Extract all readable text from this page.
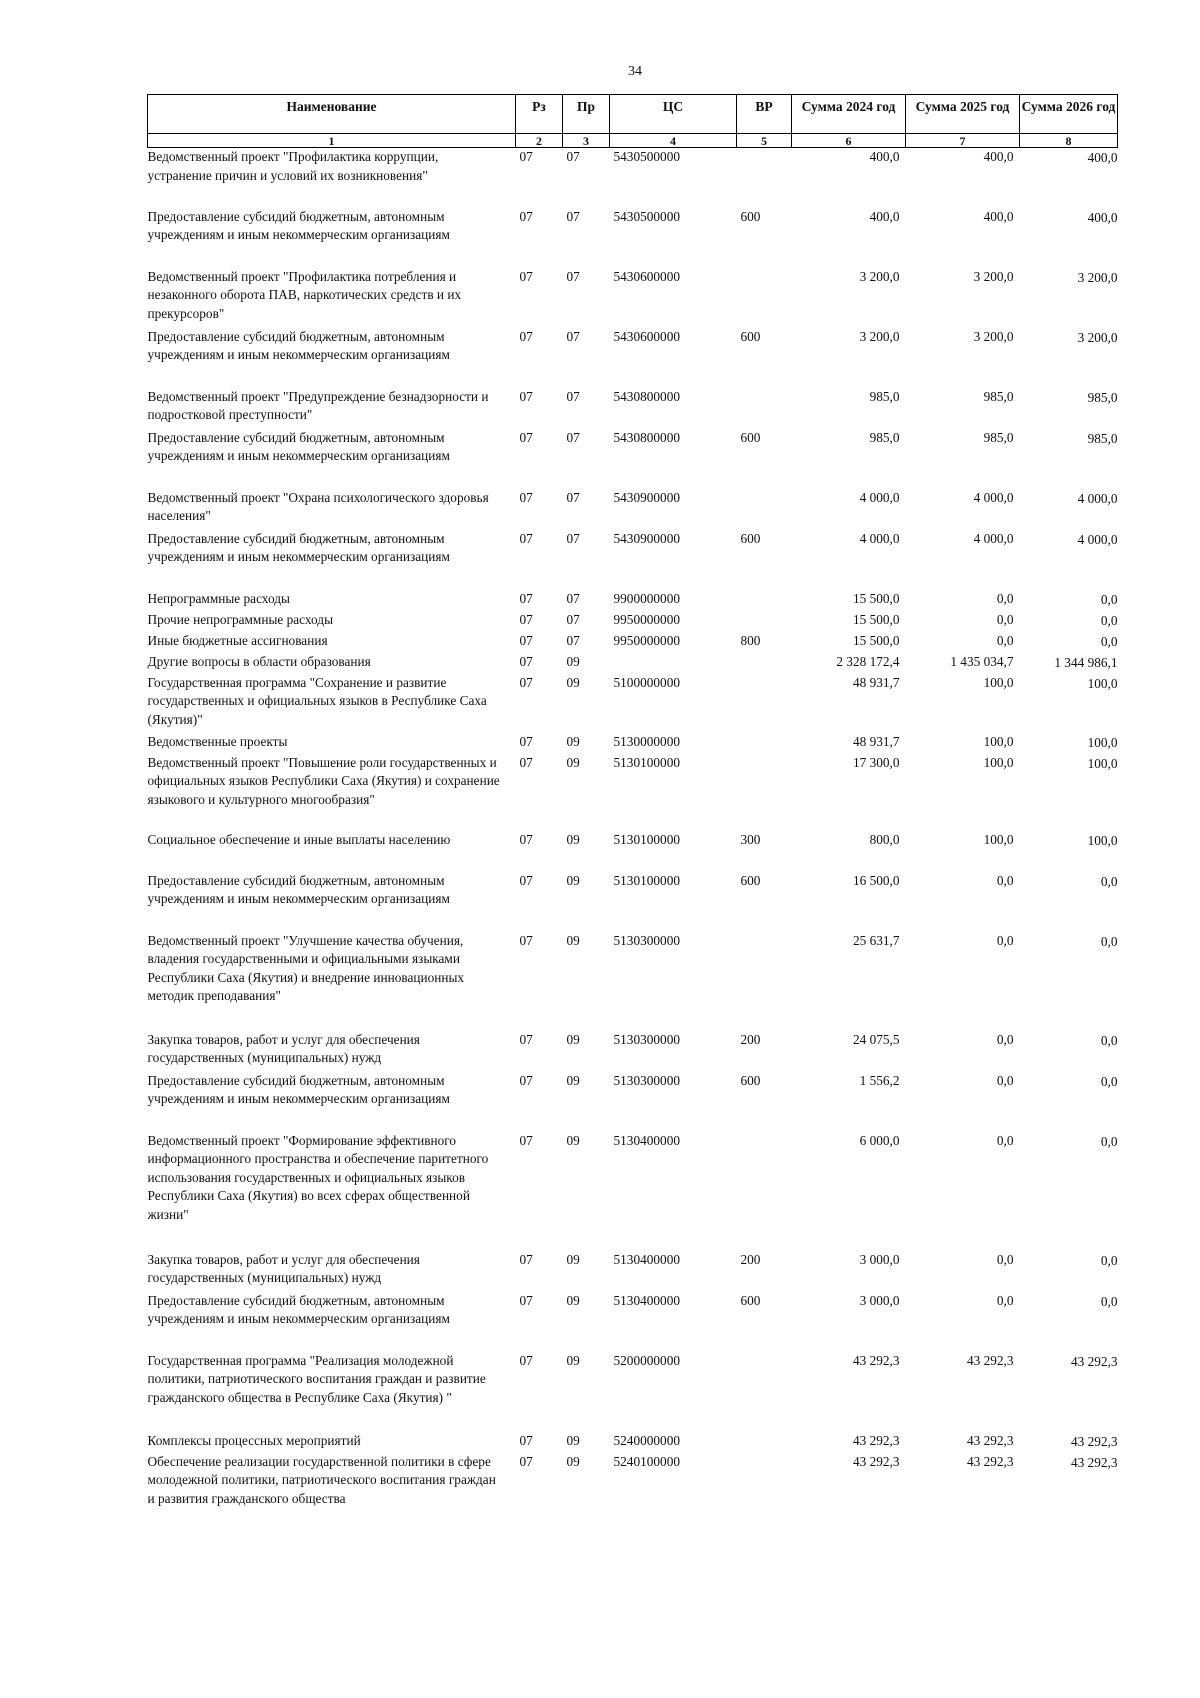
34
Наименование	Рз	Пр	ЦС	ВР	Сумма 2024 год	Сумма 2025 год	Сумма 2026 год
1	2	3	4	5	6	7	8
Ведомственный проект "Профилактика коррупции, устранение причин и условий их возникновения"	07	07	5430500000		400,0	400,0	400,0
Предоставление субсидий бюджетным, автономным учреждениям и иным некоммерческим организациям	07	07	5430500000	600	400,0	400,0	400,0
Ведомственный проект "Профилактика потребления и незаконного оборота ПАВ, наркотических средств и их прекурсоров"	07	07	5430600000		3 200,0	3 200,0	3 200,0
Предоставление субсидий бюджетным, автономным учреждениям и иным некоммерческим организациям	07	07	5430600000	600	3 200,0	3 200,0	3 200,0
Ведомственный проект "Предупреждение безнадзорности и подростковой преступности"	07	07	5430800000		985,0	985,0	985,0
Предоставление субсидий бюджетным, автономным учреждениям и иным некоммерческим организациям	07	07	5430800000	600	985,0	985,0	985,0
Ведомственный проект "Охрана психологического здоровья населения"	07	07	5430900000		4 000,0	4 000,0	4 000,0
Предоставление субсидий бюджетным, автономным учреждениям и иным некоммерческим организациям	07	07	5430900000	600	4 000,0	4 000,0	4 000,0
Непрограммные расходы	07	07	9900000000		15 500,0	0,0	0,0
Прочие непрограммные расходы	07	07	9950000000		15 500,0	0,0	0,0
Иные бюджетные ассигнования	07	07	9950000000	800	15 500,0	0,0	0,0
Другие вопросы в области образования	07	09			2 328 172,4	1 435 034,7	1 344 986,1
Государственная программа "Сохранение и развитие государственных и официальных языков в Республике Саха (Якутия)"	07	09	5100000000		48 931,7	100,0	100,0
Ведомственные проекты	07	09	5130000000		48 931,7	100,0	100,0
Ведомственный проект "Повышение роли государственных и официальных языков Республики Саха (Якутия) и сохранение языкового и культурного многообразия"	07	09	5130100000		17 300,0	100,0	100,0
Социальное обеспечение и иные выплаты населению	07	09	5130100000	300	800,0	100,0	100,0
Предоставление субсидий бюджетным, автономным учреждениям и иным некоммерческим организациям	07	09	5130100000	600	16 500,0	0,0	0,0
Ведомственный проект "Улучшение качества обучения, владения государственными и официальными языками Республики Саха (Якутия) и внедрение инновационных методик преподавания"	07	09	5130300000		25 631,7	0,0	0,0
Закупка товаров, работ и услуг для обеспечения государственных (муниципальных) нужд	07	09	5130300000	200	24 075,5	0,0	0,0
Предоставление субсидий бюджетным, автономным учреждениям и иным некоммерческим организациям	07	09	5130300000	600	1 556,2	0,0	0,0
Ведомственный проект "Формирование эффективного информационного пространства и обеспечение паритетного использования государственных и официальных языков Республики Саха (Якутия) во всех сферах общественной жизни"	07	09	5130400000		6 000,0	0,0	0,0
Закупка товаров, работ и услуг для обеспечения государственных (муниципальных) нужд	07	09	5130400000	200	3 000,0	0,0	0,0
Предоставление субсидий бюджетным, автономным учреждениям и иным некоммерческим организациям	07	09	5130400000	600	3 000,0	0,0	0,0
Государственная программа "Реализация молодежной политики, патриотического воспитания граждан и развитие гражданского общества в Республике Саха (Якутия) "	07	09	5200000000		43 292,3	43 292,3	43 292,3
Комплексы процессных мероприятий	07	09	5240000000		43 292,3	43 292,3	43 292,3
Обеспечение реализации государственной политики в сфере молодежной политики, патриотического воспитания граждан и развития гражданского общества	07	09	5240100000		43 292,3	43 292,3	43 292,3
